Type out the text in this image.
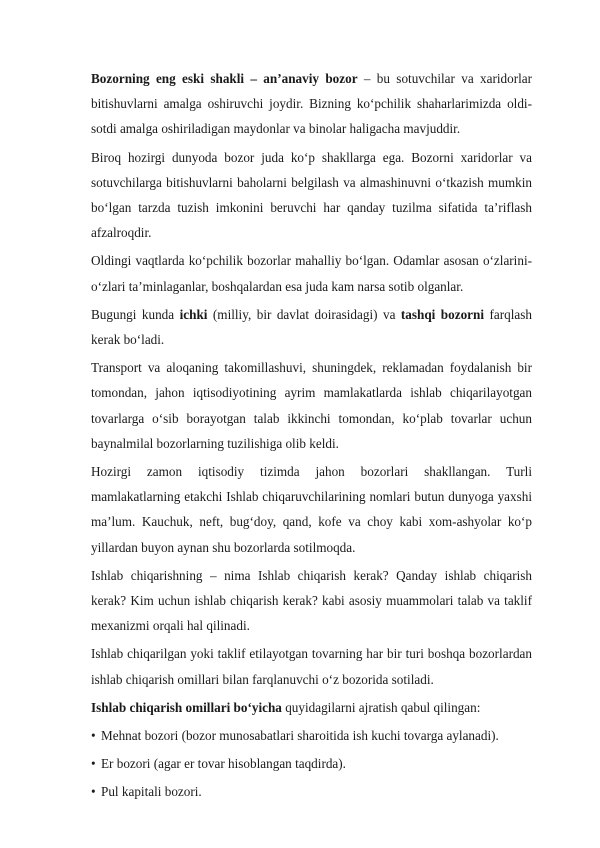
Bozorning eng eski shakli – an’anaviy bozor – bu sotuvchilar va xaridorlar bitishuvlarni amalga oshiruvchi joydir. Bizning ko‘pchilik shaharlarimizda oldi-sotdi amalga oshiriladigan maydonlar va binolar haligacha mavjuddir.

Biroq hozirgi dunyoda bozor juda ko‘p shakllarga ega. Bozorni xaridorlar va sotuvchilarga bitishuvlarni baholarni belgilash va almashinuvni o‘tkazish mumkin bo‘lgan tarzda tuzish imkonini beruvchi har qanday tuzilma sifatida ta’riflash afzalroqdir.

Oldingi vaqtlarda ko‘pchilik bozorlar mahalliy bo‘lgan. Odamlar asosan o‘zlarini-o‘zlari ta’minlaganlar, boshqalardan esa juda kam narsa sotib olganlar.

Bugungi kunda ichki (milliy, bir davlat doirasidagi) va tashqi bozorni farqlash kerak bo‘ladi.

Transport va aloqaning takomillashuvi, shuningdek, reklamadan foydalanish bir tomondan, jahon iqtisodiyotining ayrim mamlakatlarda ishlab chiqarilayotgan tovarlarga o‘sib borayotgan talab ikkinchi tomondan, ko‘plab tovarlar uchun baynalmilal bozorlarning tuzilishiga olib keldi.

Hozirgi zamon iqtisodiy tizimda jahon bozorlari shakllangan. Turli mamlakatlarning etakchi Ishlab chiqaruvchilarining nomlari butun dunyoga yaxshi ma’lum. Kauchuk, neft, bug‘doy, qand, kofe va choy kabi xom-ashyolar ko‘p yillardan buyon aynan shu bozorlarda sotilmoqda.

Ishlab chiqarishning – nima Ishlab chiqarish kerak? Qanday ishlab chiqarish kerak? Kim uchun ishlab chiqarish kerak? kabi asosiy muammolari talab va taklif mexanizmi orqali hal qilinadi.

Ishlab chiqarilgan yoki taklif etilayotgan tovarning har bir turi boshqa bozorlardan ishlab chiqarish omillari bilan farqlanuvchi o‘z bozorida sotiladi.

Ishlab chiqarish omillari bo‘yicha quyidagilarni ajratish qabul qilingan:

• Mehnat bozori (bozor munosabatlari sharoitida ish kuchi tovarga aylanadi).
• Er bozori (agar er tovar hisoblangan taqdirda).
• Pul kapitali bozori.
